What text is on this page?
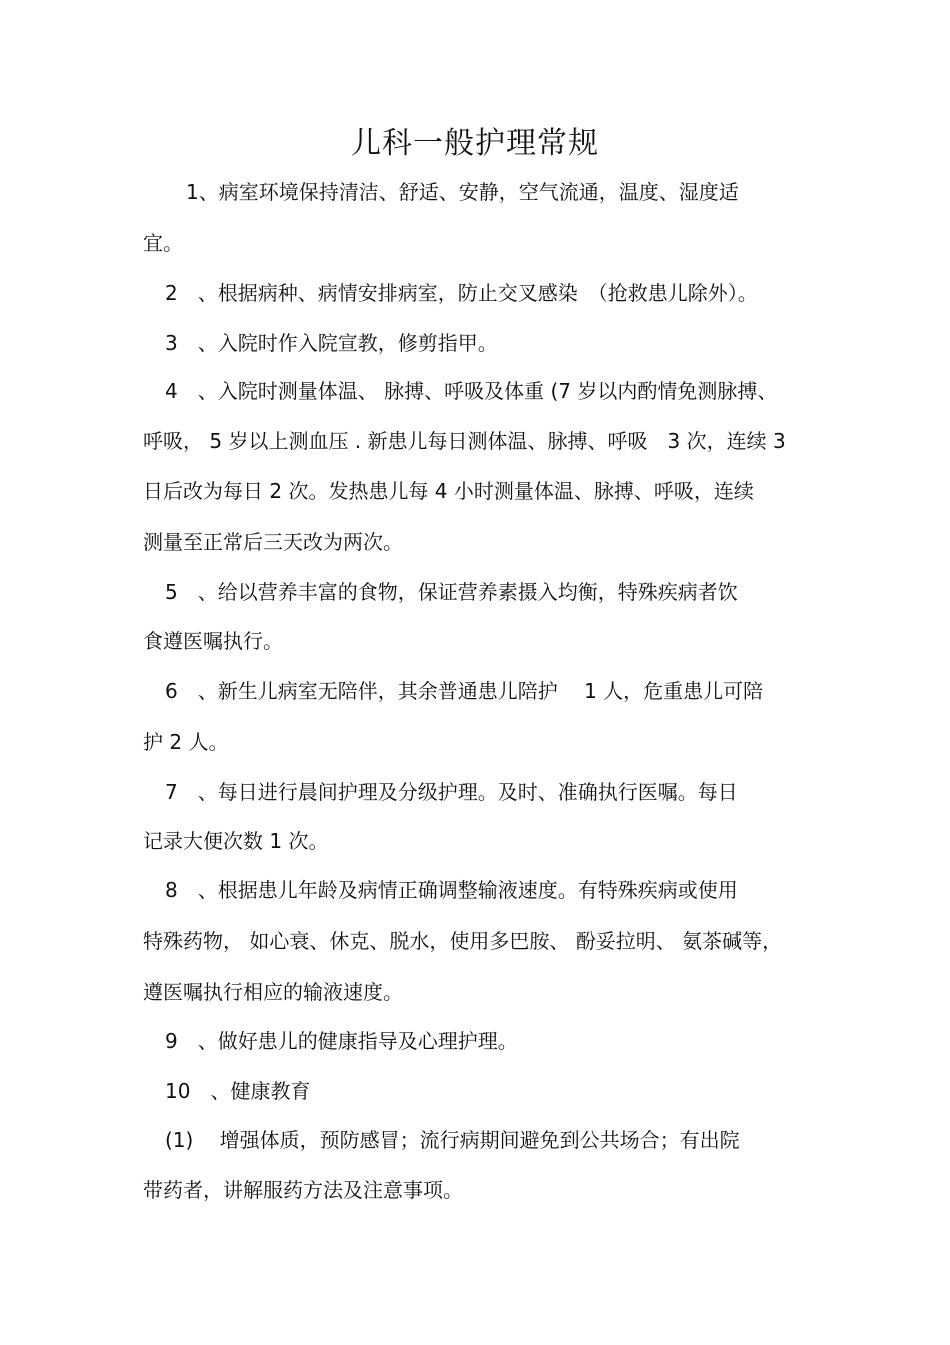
儿科一般护理常规
1、病室环境保持清洁、舒适、安静，空气流通，温度、湿度适
宜。
2　、根据病种、病情安排病室，防止交叉感染　（抢救患儿除外）。
3　、入院时作入院宣教，修剪指甲。
4　、入院时测量体温、 脉搏、呼吸及体重 (7 岁以内酌情免测脉搏、
呼吸， 5 岁以上测血压 . 新患儿每日测体温、脉搏、呼吸　3 次，连续 3
日后改为每日 2 次。发热患儿每 4 小时测量体温、脉搏、呼吸，连续
测量至正常后三天改为两次。
5　、给以营养丰富的食物，保证营养素摄入均衡，特殊疾病者饮
食遵医嘱执行。
6　、新生儿病室无陪伴，其余普通患儿陪护　 1 人，危重患儿可陪
护 2 人。
7　、每日进行晨间护理及分级护理。及时、准确执行医嘱。每日
记录大便次数 1 次。
8　、根据患儿年龄及病情正确调整输液速度。有特殊疾病或使用
特殊药物， 如心衰、休克、脱水，使用多巴胺、 酚妥拉明、 氨茶碱等，
遵医嘱执行相应的输液速度。
9　、做好患儿的健康指导及心理护理。
10　、健康教育
(1)　 增强体质，预防感冒；流行病期间避免到公共场合；有出院
带药者，讲解服药方法及注意事项。
